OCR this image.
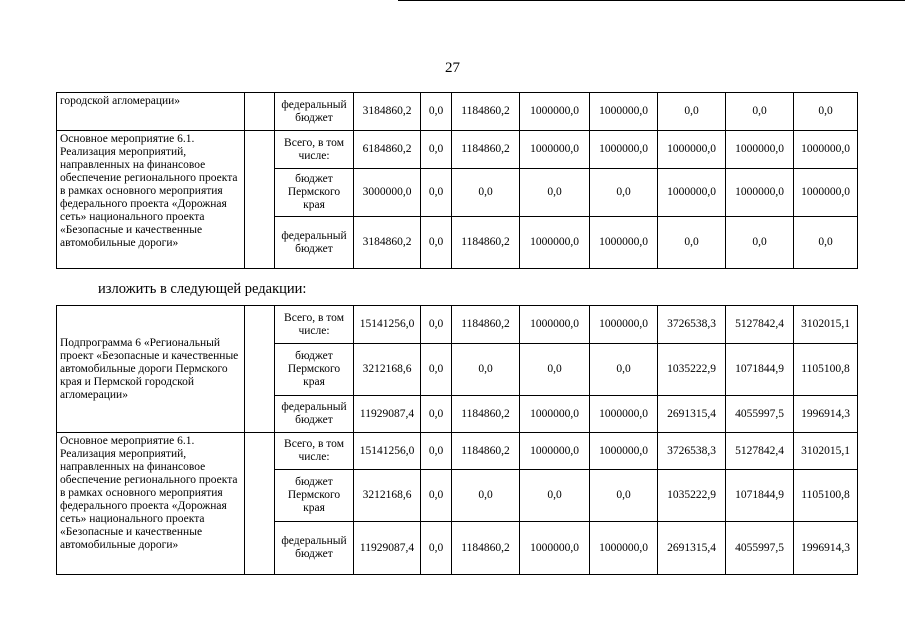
27
изложить в следующей редакции:
городской агломерации»		федеральный бюджет	3184860,2	0,0	1184860,2	1000000,0	1000000,0	0,0	0,0	0,0
Основное мероприятие 6.1. Реализация мероприятий, направленных на финансовое обеспечение регионального проекта в рамках основного мероприятия федерального проекта «Дорожная сеть» национального проекта «Безопасные и качественные автомобильные дороги»		Всего, в том числе:	6184860,2	0,0	1184860,2	1000000,0	1000000,0	1000000,0	1000000,0	1000000,0
		бюджет Пермского края	3000000,0	0,0	0,0	0,0	0,0	1000000,0	1000000,0	1000000,0
		федеральный бюджет	3184860,2	0,0	1184860,2	1000000,0	1000000,0	0,0	0,0	0,0
Подпрограмма 6 «Региональный проект «Безопасные и качественные автомобильные дороги Пермского края и Пермской городской агломерации»		Всего, в том числе:	15141256,0	0,0	1184860,2	1000000,0	1000000,0	3726538,3	5127842,4	3102015,1
		бюджет Пермского края	3212168,6	0,0	0,0	0,0	0,0	1035222,9	1071844,9	1105100,8
		федеральный бюджет	11929087,4	0,0	1184860,2	1000000,0	1000000,0	2691315,4	4055997,5	1996914,3
Основное мероприятие 6.1. Реализация мероприятий, направленных на финансовое обеспечение регионального проекта в рамках основного мероприятия федерального проекта «Дорожная сеть» национального проекта «Безопасные и качественные автомобильные дороги»		Всего, в том числе:	15141256,0	0,0	1184860,2	1000000,0	1000000,0	3726538,3	5127842,4	3102015,1
		бюджет Пермского края	3212168,6	0,0	0,0	0,0	0,0	1035222,9	1071844,9	1105100,8
		федеральный бюджет	11929087,4	0,0	1184860,2	1000000,0	1000000,0	2691315,4	4055997,5	1996914,3
